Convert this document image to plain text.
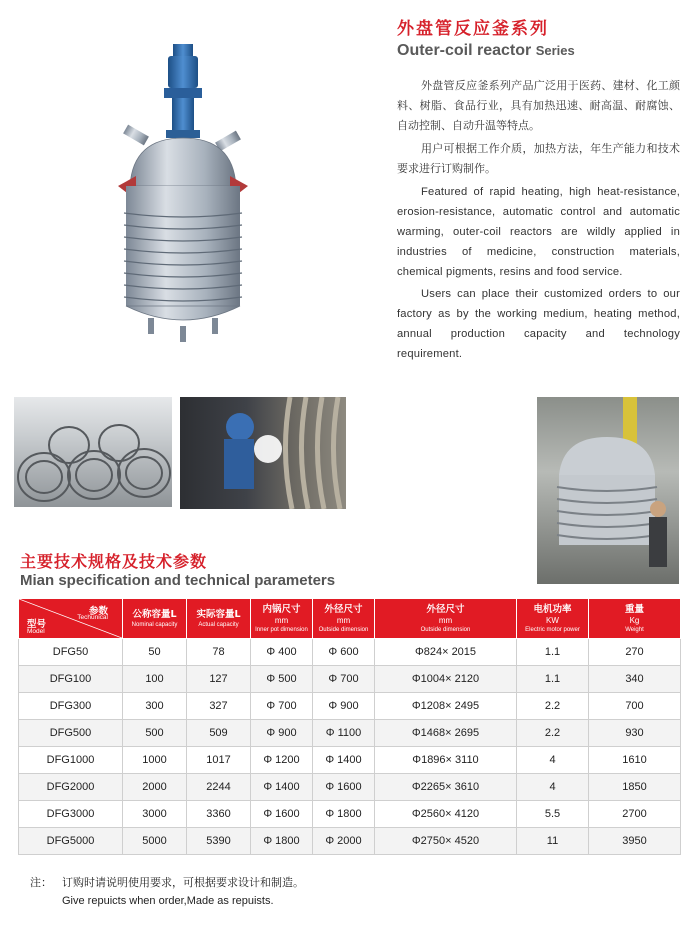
外盘管反应釜系列
Outer-coil reactor Series

外盘管反应釜系列产品广泛用于医药、建材、化工颜料、树脂、食品行业，具有加热迅速、耐高温、耐腐蚀、自动控制、自动升温等特点。

用户可根据工作介质，加热方法，年生产能力和技术要求进行订购制作。

Featured of rapid heating, high heat-resistance, erosion-resistance, automatic control and automatic warming, outer-coil reactors are wildly applied in industries of medicine, construction materials, chemical pigments, resins and food service.

Users can place their customized orders to our factory as by the working medium, heating method, annual production capacity and technology requirement.

主要技术规格及技术参数
Mian specification and technical parameters
参数
Techunical
型号
Model	公称容量L
Nominal capacity	实际容量L
Actual capacity	内锅尺寸
mm
Inner pot dimension	外径尺寸
mm
Outside dimension	外径尺寸
mm
Outside dimension	电机功率
KW
Electric motor power	重量
Kg
Weight

DFG50	50	78	Φ 400	Φ 600	Φ824× 2015	1.1	270
DFG100	100	127	Φ 500	Φ 700	Φ1004× 2120	1.1	340
DFG300	300	327	Φ 700	Φ 900	Φ1208× 2495	2.2	700
DFG500	500	509	Φ 900	Φ 1100	Φ1468× 2695	2.2	930
DFG1000	1000	1017	Φ 1200	Φ 1400	Φ1896× 3110	4	1610
DFG2000	2000	2244	Φ 1400	Φ 1600	Φ2265× 3610	4	1850
DFG3000	3000	3360	Φ 1600	Φ 1800	Φ2560× 4120	5.5	2700
DFG5000	5000	5390	Φ 1800	Φ 2000	Φ2750× 4520	11	3950
注： 订购时请说明使用要求，可根据要求设计和制造。
Give repuicts when order,Made as repuists.
